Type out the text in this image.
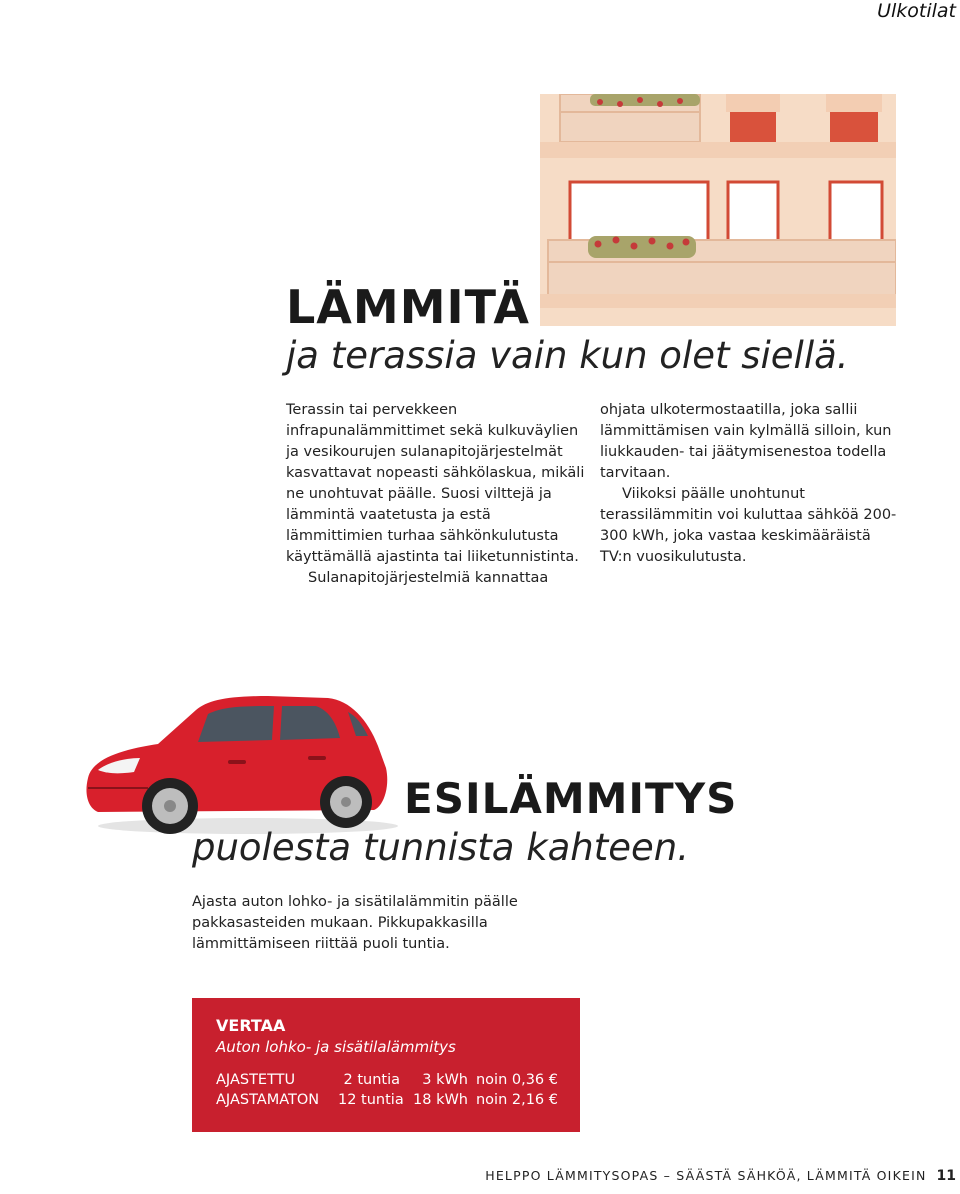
Ulkotilat
LÄMMITÄ
ja terassia vain kun olet siellä.

Terassin tai pervekkeen infrapunalämmittimet sekä kulkuväylien ja vesikourujen sulanapitojärjestelmät kasvattavat nopeasti sähkölaskua, mikäli ne unohtuvat päälle. Suosi vilttejä ja lämmintä vaatetusta ja estä lämmittimien turhaa sähkönkulutusta käyttämällä ajastinta tai liiketunnistinta.

Sulanapitojärjestelmiä kannattaa

ohjata ulkotermostaatilla, joka sallii lämmittämisen vain kylmällä silloin, kun liukkauden- tai jäätymisenestoa todella tarvitaan.

Viikoksi päälle unohtunut terassilämmitin voi kuluttaa sähköä 200-300 kWh, joka vastaa keskimääräistä TV:n vuosikulutusta.

ESILÄMMITYS
puolesta tunnista kahteen.

Ajasta auton lohko- ja sisätilalämmitin päälle pakkasasteiden mukaan. Pikkupakkasilla lämmittämiseen riittää puoli tuntia.

VERTAA
Auton lohko- ja sisätilalämmitys
AJASTETTU	2 tuntia 3 kWh noin 0,36 €
AJASTAMATON 12 tuntia 18 kWh noin 2,16 €
HELPPO LÄMMITYSOPAS – SÄÄSTÄ SÄHKÖÄ, LÄMMITÄ OIKEIN 11
